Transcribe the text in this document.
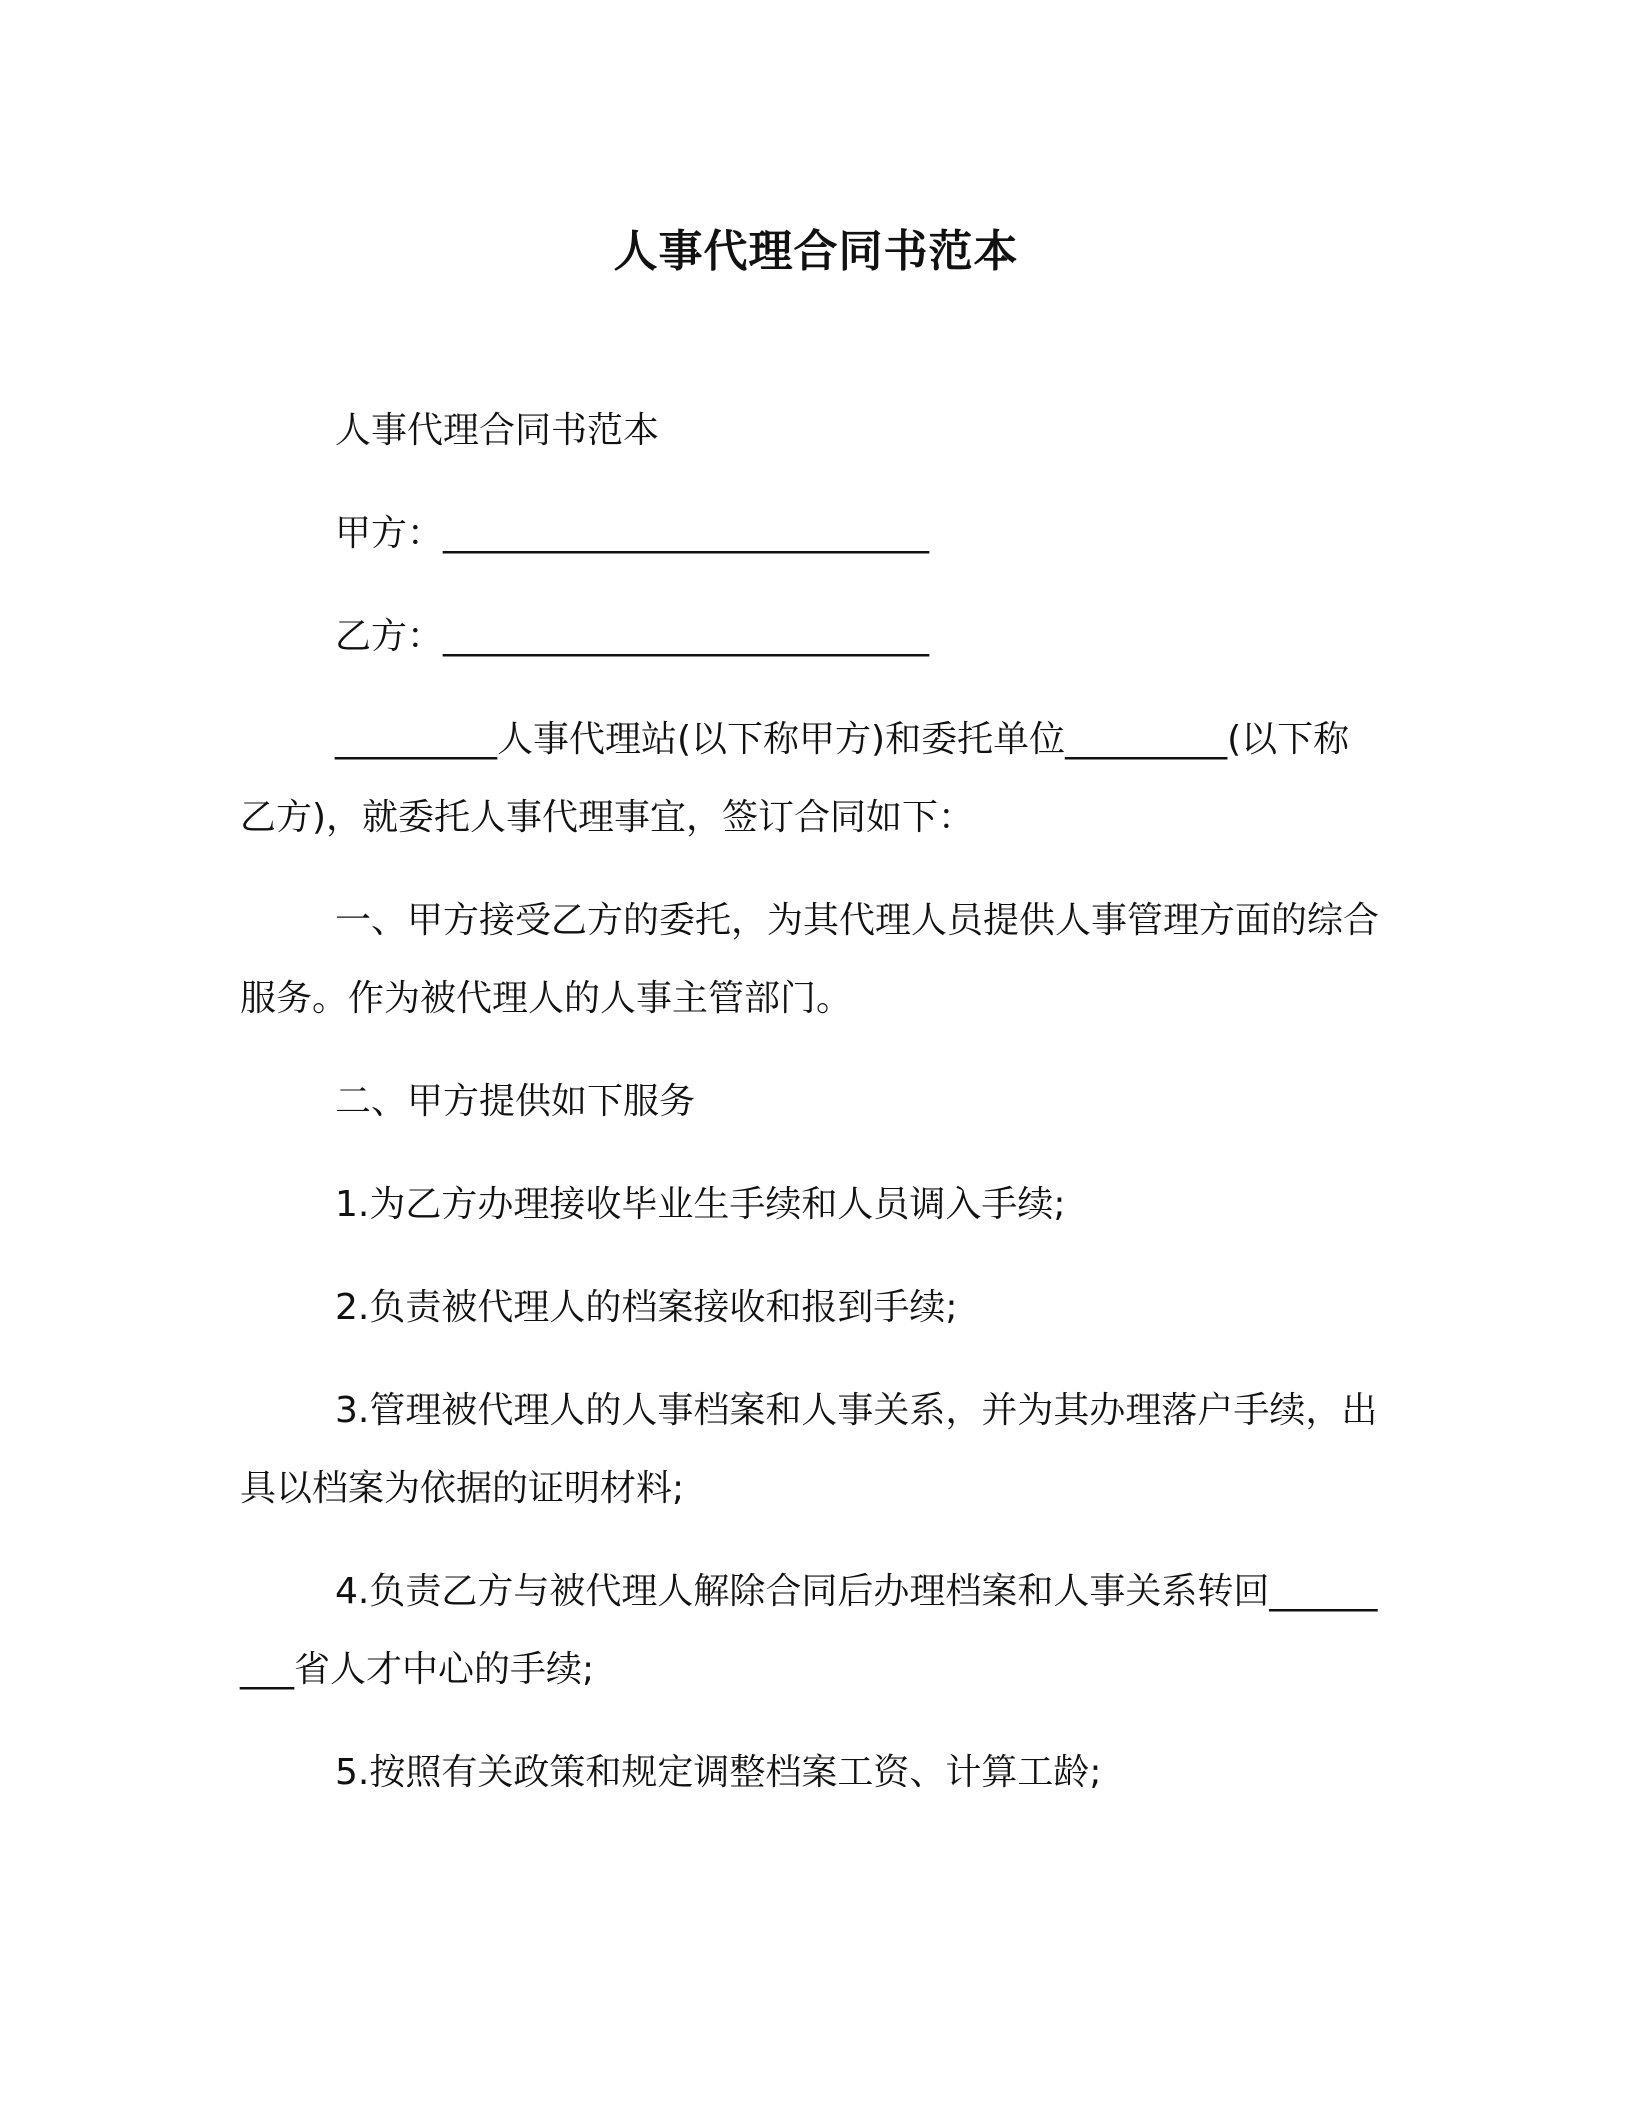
人事代理合同书范本

人事代理合同书范本

甲方：___________________________

乙方：___________________________

_________人事代理站(以下称甲方)和委托单位_________(以下称乙方)，就委托人事代理事宜，签订合同如下：

一、甲方接受乙方的委托，为其代理人员提供人事管理方面的综合服务。作为被代理人的人事主管部门。

二、甲方提供如下服务

1.为乙方办理接收毕业生手续和人员调入手续;

2.负责被代理人的档案接收和报到手续;

3.管理被代理人的人事档案和人事关系，并为其办理落户手续，出具以档案为依据的证明材料;

4.负责乙方与被代理人解除合同后办理档案和人事关系转回_________省人才中心的手续;

5.按照有关政策和规定调整档案工资、计算工龄;
